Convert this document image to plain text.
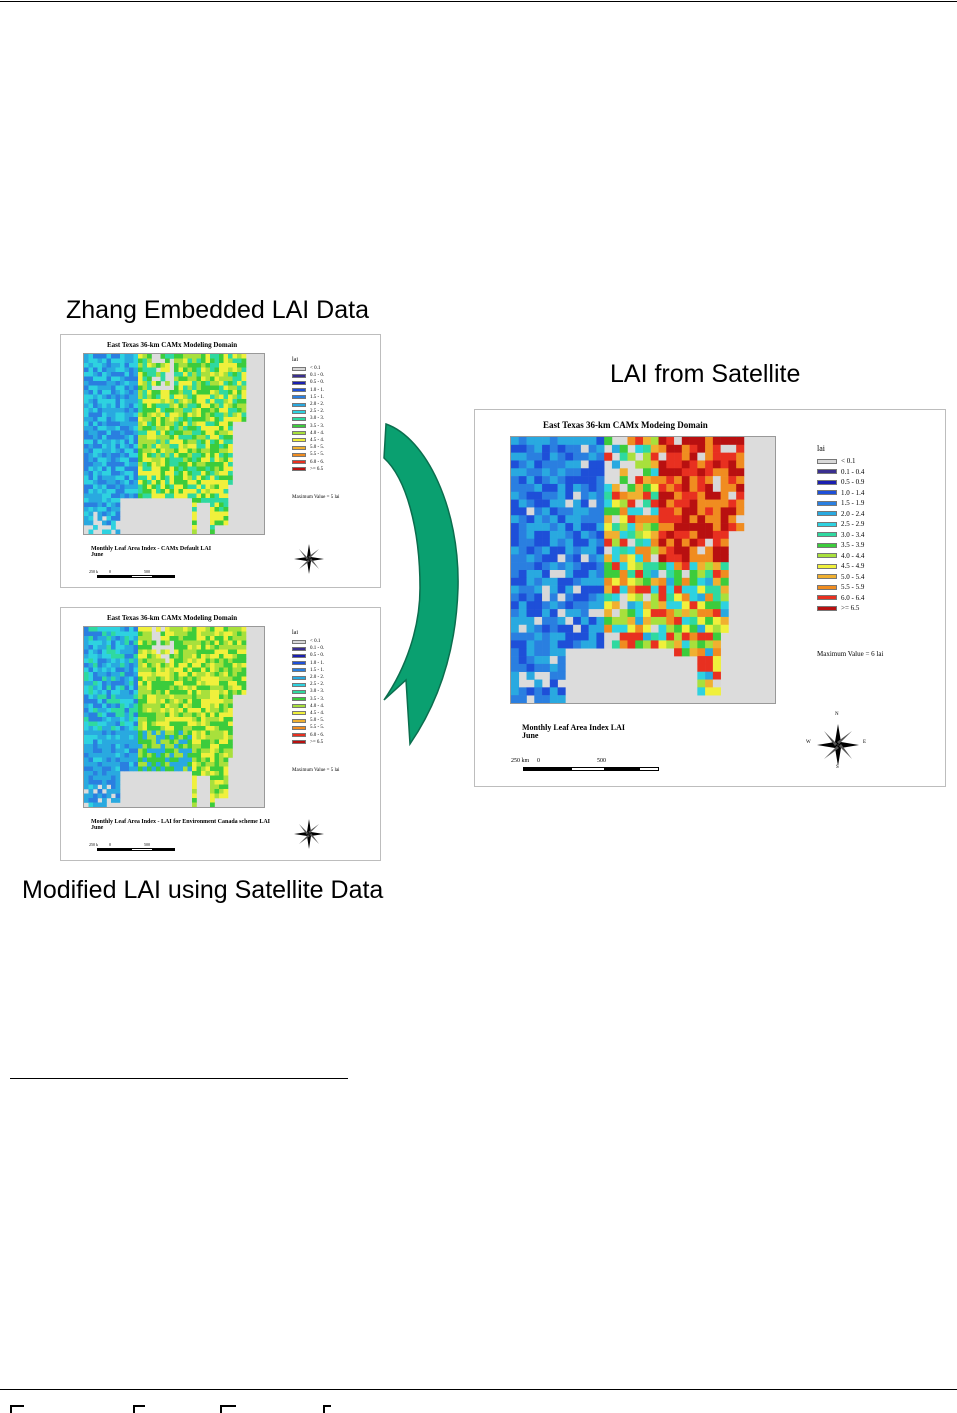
Zhang Embedded LAI Data
LAI from Satellite
Modified LAI using Satellite Data
East Texas 36-km CAMx Modeling Domain
lai
< 0.1
0.1 - 0.
0.5 - 0.
1.0 - 1.
1.5 - 1.
2.0 - 2.
2.5 - 2.
3.0 - 3.
3.5 - 3.
4.0 - 4.
4.5 - 4.
5.0 - 5.
5.5 - 5.
6.0 - 6.
>= 6.5
Maximum Value = 5 lai
Monthly Leaf Area Index - CAMx Default LAI
June
250 k	0	500
East Texas 36-km CAMx Modeling Domain
lai
< 0.1
0.1 - 0.
0.5 - 0.
1.0 - 1.
1.5 - 1.
2.0 - 2.
2.5 - 2.
3.0 - 3.
3.5 - 3.
4.0 - 4.
4.5 - 4.
5.0 - 5.
5.5 - 5.
6.0 - 6.
>= 6.5
Maximum Value = 5 lai
Monthly Leaf Area Index - LAI for Environment Canada scheme LAI
June
250 k	0	500
East Texas 36-km CAMx Modeing Domain
lai
< 0.1
0.1 - 0.4
0.5 - 0.9
1.0 - 1.4
1.5 - 1.9
2.0 - 2.4
2.5 - 2.9
3.0 - 3.4
3.5 - 3.9
4.0 - 4.4
4.5 - 4.9
5.0 - 5.4
5.5 - 5.9
6.0 - 6.4
>= 6.5
Maximum Value = 6 lai
Monthly Leaf Area Index LAI
June
250 km 0	500
N
S
W	E
